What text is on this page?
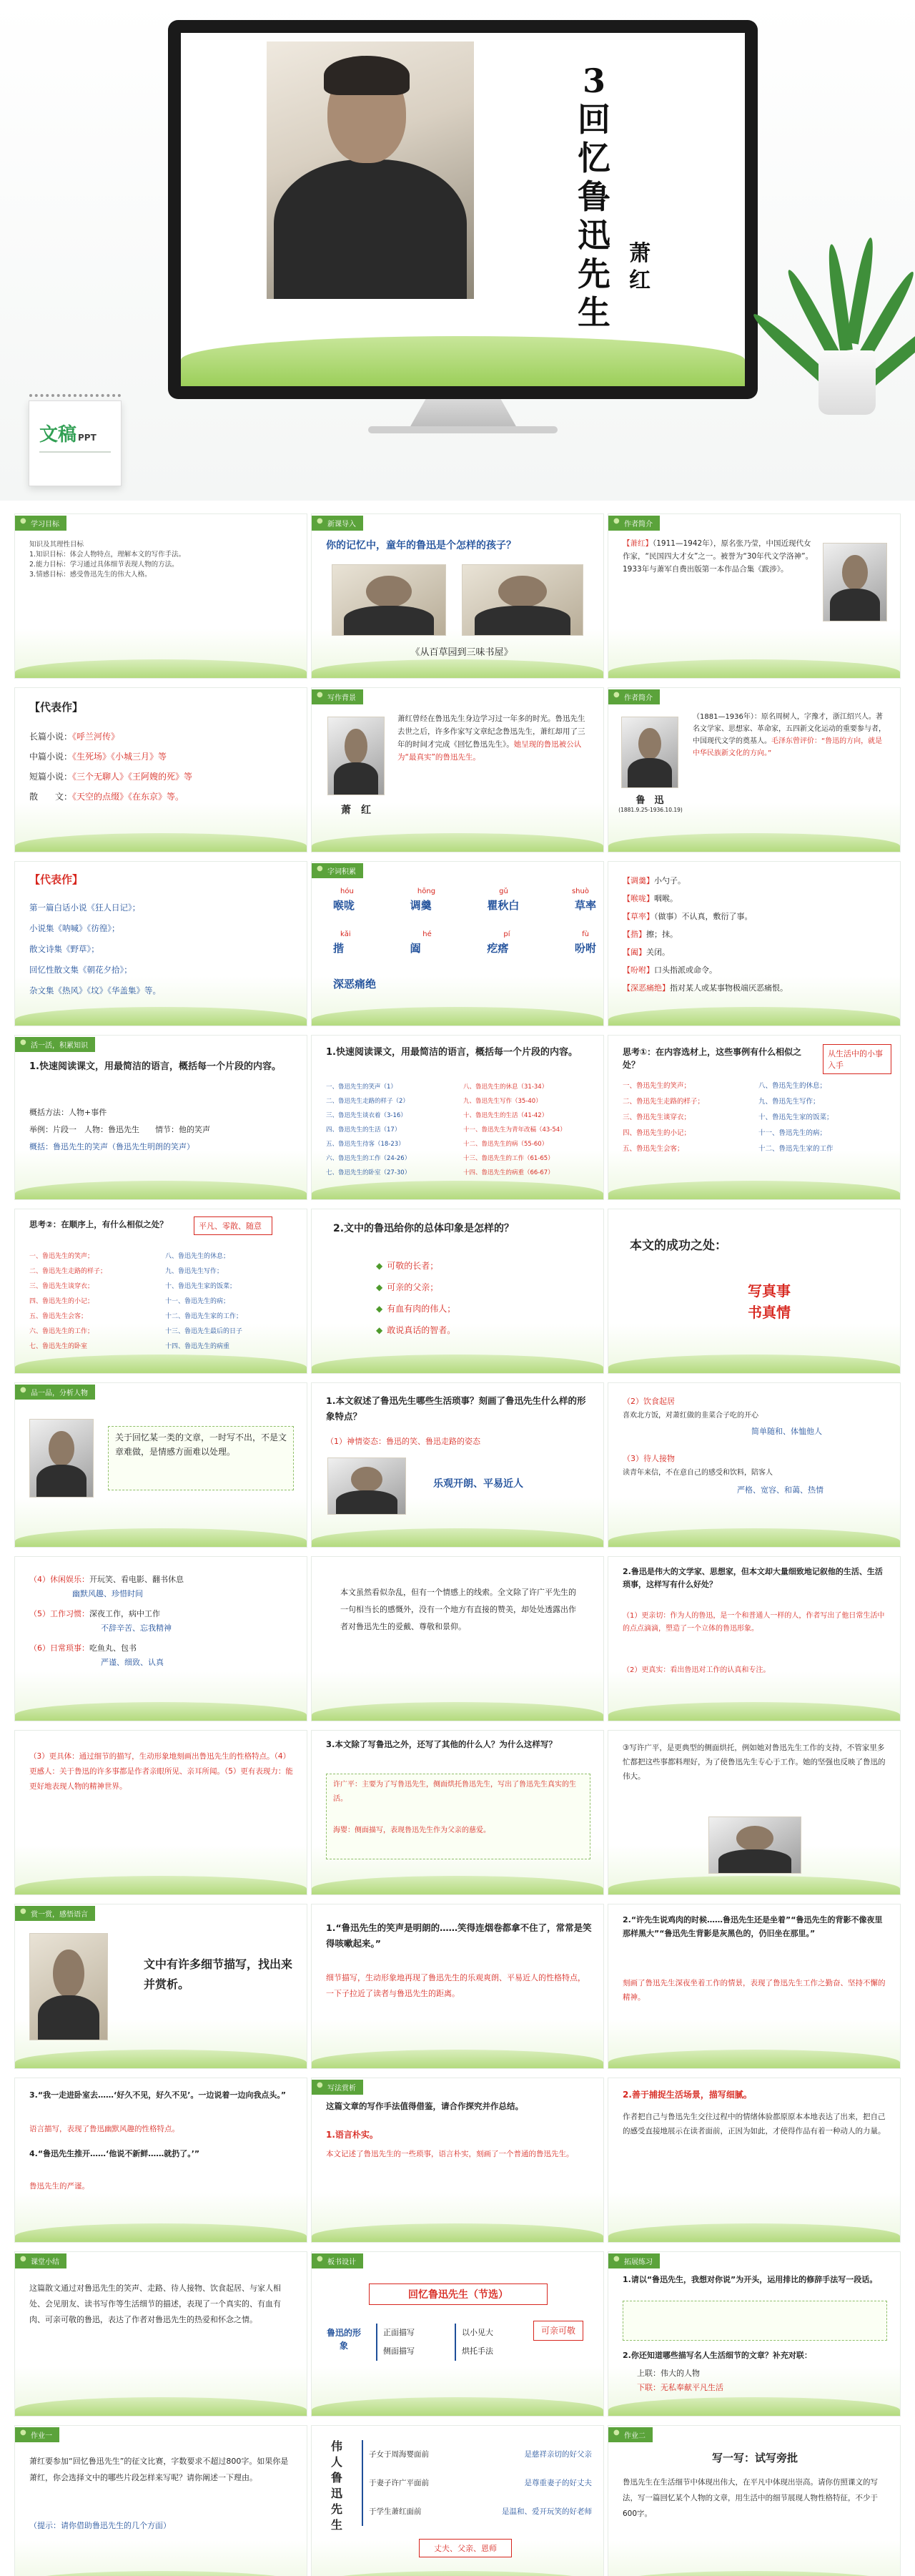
3
回
忆
鲁
迅
先
生
萧
红
文稿 PPT
● 学习目标
知识及其理性目标
1.知识目标：体会人物特点，理解本文的写作手法。
2.能力目标：学习通过具体细节表现人物的方法。
3.情感目标：感受鲁迅先生的伟大人格。
● 新课导入
你的记忆中，童年的鲁迅是个怎样的孩子？
《从百草园到三味书屋》
● 作者简介
【萧红】（1911—1942年），原名张乃莹，中国近现代女作家，“民国四大才女”之一。被誉为“30年代文学洛神”。1933年与萧军自费出版第一本作品合集《跋涉》。
【代表作】
长篇小说：《呼兰河传》
中篇小说：《生死场》《小城三月》等
短篇小说：《三个无聊人》《王阿嫂的死》等
散　　文：《天空的点缀》《在东京》等。
● 写作背景
萧　红
萧红曾经在鲁迅先生身边学习过一年多的时光。鲁迅先生去世之后，许多作家写文章纪念鲁迅先生，萧红却用了三年的时间才完成《回忆鲁迅先生》。她呈现的鲁迅被公认为“最真实”的鲁迅先生。
● 作者简介
鲁　迅
(1881.9.25-1936.10.19)
（1881—1936年）：原名周树人，字豫才，浙江绍兴人。著名文学家、思想家、革命家，五四新文化运动的重要参与者，中国现代文学的奠基人。毛泽东曾评价：“鲁迅的方向，就是中华民族新文化的方向。”
【代表作】
第一篇白话小说《狂人日记》；
小说集《呐喊》《彷徨》；
散文诗集《野草》；
回忆性散文集《朝花夕拾》；
杂文集《热风》《坟》《华盖集》等。
● 字词积累
hóu	hōng	gǔ	shuò
喉咙	调羹	瞿秋白	草率
kǎi	hé	pí	fù
揩	阖	疙瘩	吩咐
深恶痛绝
【调羹】小勺子。
【喉咙】咽喉。
【草率】（做事）不认真，敷衍了事。
【揩】擦；抹。
【阖】关闭。
【吩咐】口头指派或命令。
【深恶痛绝】指对某人或某事物极端厌恶痛恨。
● 活一活，积累知识
1.快速阅读课文，用最简洁的语言，概括每一个片段的内容。
概括方法：人物+事件
举例：片段一　人物：鲁迅先生　　情节：他的笑声
概括：鲁迅先生的笑声（鲁迅先生明朗的笑声）
1.快速阅读课文，用最简洁的语言，概括每一个片段的内容。
一、鲁迅先生的笑声（1）
二、鲁迅先生走路的样子（2）
三、鲁迅先生谈衣着（3-16）
四、鲁迅先生的生活（17）
五、鲁迅先生待客（18-23）
六、鲁迅先生的工作（24-26）
七、鲁迅先生的卧室（27-30）
八、鲁迅先生的休息（31-34）
九、鲁迅先生写作（35-40）
十、鲁迅先生的生活（41-42）
十一、鲁迅先生为青年改稿（43-54）
十二、鲁迅先生的病（55-60）
十三、鲁迅先生的工作（61-65）
十四、鲁迅先生的病重（66-67）
思考①：在内容选材上，这些事例有什么相似之处？
从生活中的小事入手
一、鲁迅先生的笑声；
二、鲁迅先生走路的样子；
三、鲁迅先生谈穿衣；
四、鲁迅先生的小记；
五、鲁迅先生会客；
八、鲁迅先生的休息；
九、鲁迅先生写作；
十、鲁迅先生家的饭菜；
十一、鲁迅先生的病；
十二、鲁迅先生家的工作
思考②：在顺序上，有什么相似之处？	平凡、零散、随意
一、鲁迅先生的笑声；
二、鲁迅先生走路的样子；
三、鲁迅先生谈穿衣；
四、鲁迅先生的小记；
五、鲁迅先生会客；
六、鲁迅先生的工作；
七、鲁迅先生的卧室
八、鲁迅先生的休息；
九、鲁迅先生写作；
十、鲁迅先生家的饭菜；
十一、鲁迅先生的病；
十二、鲁迅先生家的工作；
十三、鲁迅先生最后的日子
十四、鲁迅先生的病重
2.文中的鲁迅给你的总体印象是怎样的？
◆ 可敬的长者；
◆ 可亲的父亲；
◆ 有血有肉的伟人；
◆ 敢说真话的智者。
本文的成功之处：
写真事
书真情
● 品一品，分析人物
关于回忆某一类的文章，一时写不出，不是文章难做，是情感方面难以处理。
1.本文叙述了鲁迅先生哪些生活琐事？刻画了鲁迅先生什么样的形象特点？
（1）神情姿态：鲁迅的笑、鲁迅走路的姿态
乐观开朗、平易近人
（2）饮食起居
喜欢北方饭，对萧红做的韭菜合子吃的开心
简单随和、体恤他人
（3）待人接物
读青年来信，不在意自己的感受和饮料，陪客人
严格、宽容、和蔼、热情
（4）休闲娱乐：开玩笑、看电影、翻书休息
幽默风趣、珍惜时间
（5）工作习惯：深夜工作，病中工作
不辞辛苦、忘我精神
（6）日常琐事：吃鱼丸、包书
严谨、细致、认真
本文虽然看似杂乱，但有一个情感上的线索。全文除了许广平先生的一句相当长的感慨外，没有一个地方有直接的赞美，却处处透露出作者对鲁迅先生的爱戴、尊敬和景仰。
2.鲁迅是伟大的文学家、思想家，但本文却大量细致地记叙他的生活、生活琐事，这样写有什么好处？
（1）更亲切：作为人的鲁迅，是一个和普通人一样的人，作者写出了他日常生活中的点点滴滴，塑造了一个立体的鲁迅形象。
（2）更真实：看出鲁迅对工作的认真和专注。
（3）更具体：通过细节的描写，生动形象地刻画出鲁迅先生的性格特点。（4）更感人：关于鲁迅的许多事都是作者亲眼所见、亲耳所闻。（5）更有表现力：能更好地表现人物的精神世界。
3.本文除了写鲁迅之外，还写了其他的什么人？为什么这样写？
许广平：主要为了写鲁迅先生，侧面烘托鲁迅先生，写出了鲁迅先生真实的生活。
海婴：侧面描写，表现鲁迅先生作为父亲的慈爱。
③写许广平，是更典型的侧面烘托，例如她对鲁迅先生工作的支持，不管家里多忙都把这些事都料理好，为了使鲁迅先生专心于工作。她的坚强也反映了鲁迅的伟大。
● 赏一赏，感悟语言
文中有许多细节描写，找出来并赏析。
1.“鲁迅先生的笑声是明朗的……笑得连烟卷都拿不住了，常常是笑得咳嗽起来。”
细节描写，生动形象地再现了鲁迅先生的乐观爽朗、平易近人的性格特点，一下子拉近了读者与鲁迅先生的距离。
2.“许先生说鸡肉的时候……鲁迅先生还是坐着”“鲁迅先生的背影不像夜里那样黑大”“鲁迅先生背影是灰黑色的，仍旧坐在那里。”
刻画了鲁迅先生深夜坐着工作的情景，表现了鲁迅先生工作之勤奋、坚持不懈的精神。
3.“我一走进卧室去……‘好久不见，好久不见’。一边说着一边向我点头。”
语言描写，表现了鲁迅幽默风趣的性格特点。
4.“鲁迅先生推开……‘他说不新鲜……就扔了。’”
鲁迅先生的严谨。
● 写法赏析
这篇文章的写作手法值得借鉴，请合作探究并作总结。
1.语言朴实。
本文记述了鲁迅先生的一些琐事，语言朴实，刻画了一个普通的鲁迅先生。
2.善于捕捉生活场景，描写细腻。
作者把自己与鲁迅先生交往过程中的情绪体验都原原本本地表达了出来，把自己的感受直接地展示在读者面前，正因为如此，才使得作品有着一种动人的力量。
● 课堂小结
这篇散文通过对鲁迅先生的笑声、走路、待人接物、饮食起居、与家人相处、会见朋友、读书写作等生活细节的描述，表现了一个真实的、有血有肉、可亲可敬的鲁迅，表达了作者对鲁迅先生的热爱和怀念之情。
● 板书设计
回忆鲁迅先生（节选）
鲁迅的形象
正面描写
侧面描写
以小见大
烘托手法
可亲可敬
● 拓展练习
1.请以“鲁迅先生，我想对你说”为开头，运用排比的修辞手法写一段话。
2.你还知道哪些描写名人生活细节的文章？补充对联：
上联：伟大的人物
下联：无私奉献平凡生活
● 作业一
萧红要参加“回忆鲁迅先生”的征文比赛，字数要求不超过800字。如果你是萧红，你会选择文中的哪些片段怎样来写呢？请你阐述一下理由。
（提示：请你借助鲁迅先生的几个方面）
伟
人
鲁
迅
先
生
子女于周海婴面前	是慈祥亲切的好父亲
于妻子许广平面前	是尊重妻子的好丈夫
于学生萧红面前	是温和、爱开玩笑的好老师
丈夫、父亲、恩师
● 作业二
写一写：试写旁批
鲁迅先生在生活细节中体现出伟大，在平凡中体现出崇高。请你仿照课文的写法，写一篇回忆某个人物的文章，用生活中的细节展现人物性格特征，不少于600字。
